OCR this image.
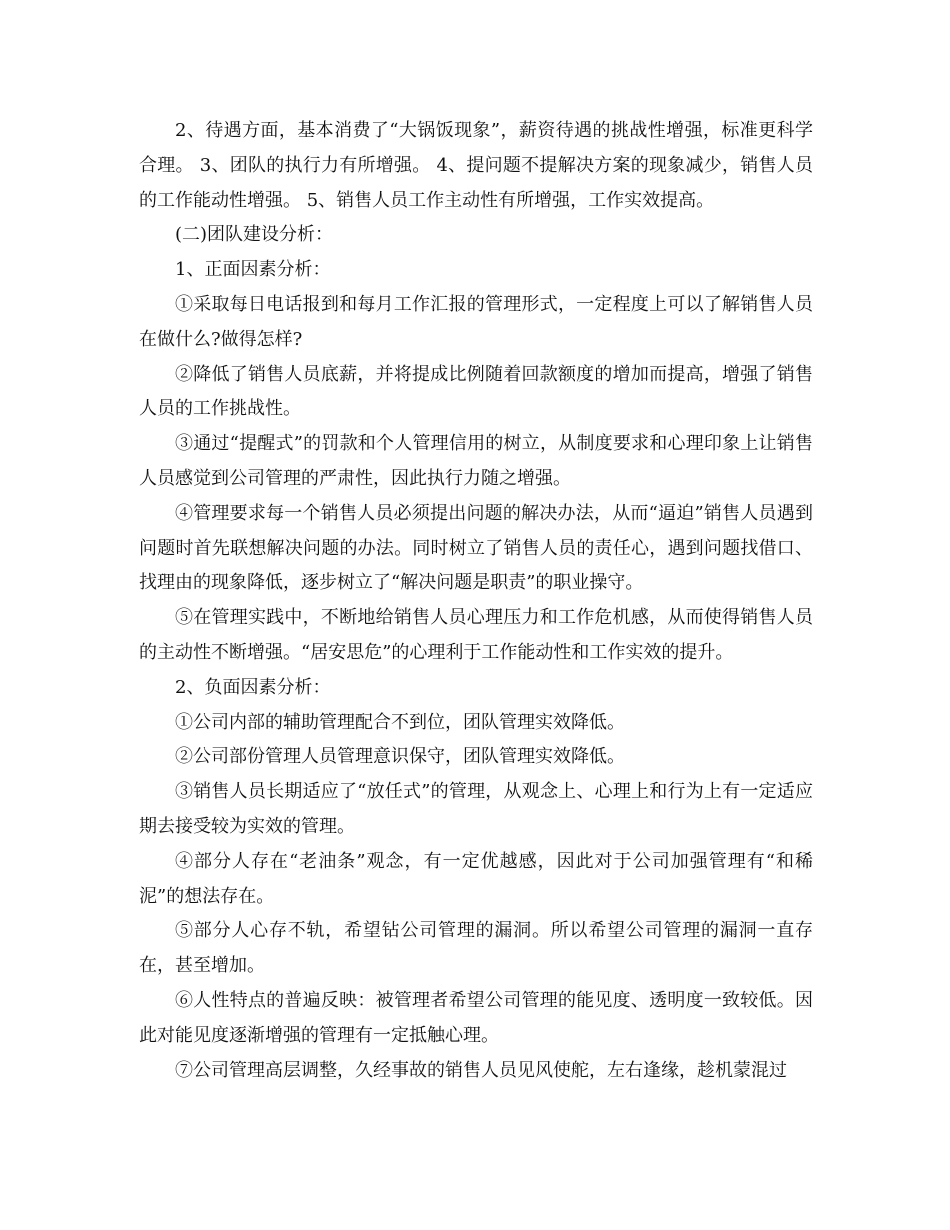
2、待遇方面，基本消费了“大锅饭现象”，薪资待遇的挑战性增强，标准更科学合理。 3、团队的执行力有所增强。 4、提问题不提解决方案的现象减少，销售人员的工作能动性增强。 5、销售人员工作主动性有所增强，工作实效提高。

(二)团队建设分析：

1、正面因素分析：

①采取每日电话报到和每月工作汇报的管理形式，一定程度上可以了解销售人员在做什么?做得怎样?

②降低了销售人员底薪，并将提成比例随着回款额度的增加而提高，增强了销售人员的工作挑战性。

③通过“提醒式”的罚款和个人管理信用的树立，从制度要求和心理印象上让销售人员感觉到公司管理的严肃性，因此执行力随之增强。

④管理要求每一个销售人员必须提出问题的解决办法，从而“逼迫”销售人员遇到问题时首先联想解决问题的办法。同时树立了销售人员的责任心，遇到问题找借口、找理由的现象降低，逐步树立了“解决问题是职责”的职业操守。

⑤在管理实践中，不断地给销售人员心理压力和工作危机感，从而使得销售人员的主动性不断增强。“居安思危”的心理利于工作能动性和工作实效的提升。

2、负面因素分析：

①公司内部的辅助管理配合不到位，团队管理实效降低。

②公司部份管理人员管理意识保守，团队管理实效降低。

③销售人员长期适应了“放任式”的管理，从观念上、心理上和行为上有一定适应期去接受较为实效的管理。

④部分人存在“老油条”观念，有一定优越感，因此对于公司加强管理有“和稀泥”的想法存在。

⑤部分人心存不轨，希望钻公司管理的漏洞。所以希望公司管理的漏洞一直存在，甚至增加。

⑥人性特点的普遍反映：被管理者希望公司管理的能见度、透明度一致较低。因此对能见度逐渐增强的管理有一定抵触心理。

⑦公司管理高层调整，久经事故的销售人员见风使舵，左右逢缘，趁机蒙混过
